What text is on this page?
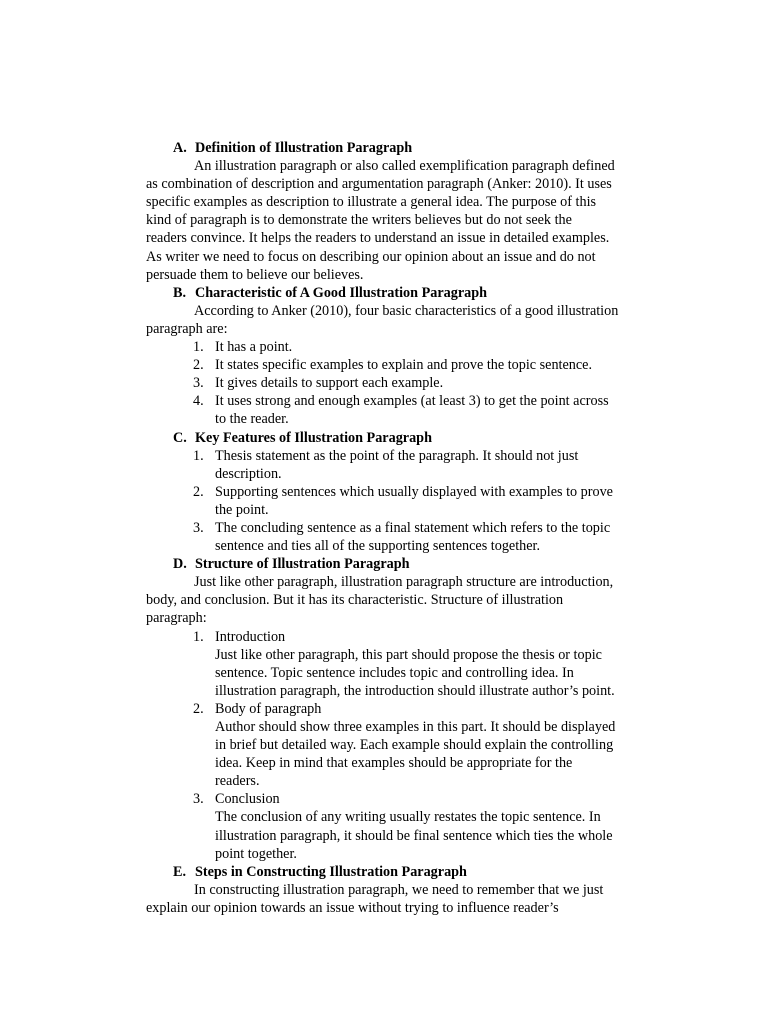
A. Definition of Illustration Paragraph
An illustration paragraph or also called exemplification paragraph defined
as combination of description and argumentation paragraph (Anker: 2010). It uses
specific examples as description to illustrate a general idea. The purpose of this
kind of paragraph is to demonstrate the writers believes but do not seek the
readers convince. It helps the readers to understand an issue in detailed examples.
As writer we need to focus on describing our opinion about an issue and do not
persuade them to believe our believes.
B. Characteristic of A Good Illustration Paragraph
According to Anker (2010), four basic characteristics of a good illustration
paragraph are:
1. It has a point.
2. It states specific examples to explain and prove the topic sentence.
3. It gives details to support each example.
4. It uses strong and enough examples (at least 3) to get the point across
to the reader.
C. Key Features of Illustration Paragraph
1. Thesis statement as the point of the paragraph. It should not just
description.
2. Supporting sentences which usually displayed with examples to prove
the point.
3. The concluding sentence as a final statement which refers to the topic
sentence and ties all of the supporting sentences together.
D. Structure of Illustration Paragraph
Just like other paragraph, illustration paragraph structure are introduction,
body, and conclusion. But it has its characteristic. Structure of illustration
paragraph:
1. Introduction
Just like other paragraph, this part should propose the thesis or topic
sentence. Topic sentence includes topic and controlling idea. In
illustration paragraph, the introduction should illustrate author’s point.
2. Body of paragraph
Author should show three examples in this part. It should be displayed
in brief but detailed way. Each example should explain the controlling
idea. Keep in mind that examples should be appropriate for the
readers.
3. Conclusion
The conclusion of any writing usually restates the topic sentence. In
illustration paragraph, it should be final sentence which ties the whole
point together.
E. Steps in Constructing Illustration Paragraph
In constructing illustration paragraph, we need to remember that we just
explain our opinion towards an issue without trying to influence reader’s
